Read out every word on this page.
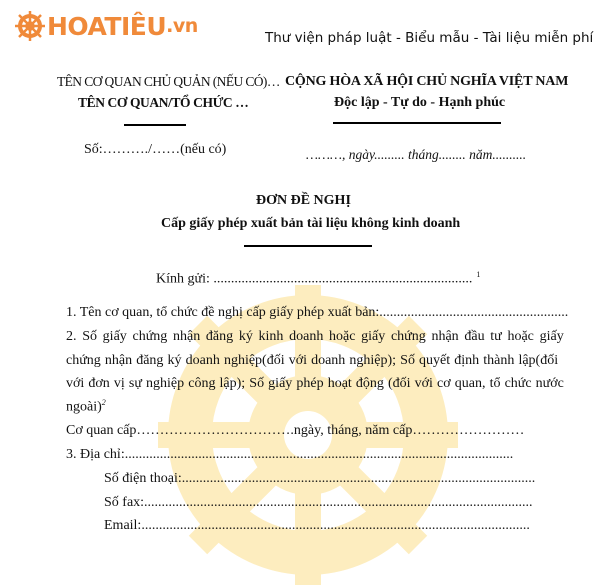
HOATIÊU .vn
Thư viện pháp luật - Biểu mẫu - Tài liệu miễn phí
TÊN CƠ QUAN CHỦ QUẢN (NẾU CÓ)…
TÊN CƠ QUAN/TỔ CHỨC …
Số:………./……(nếu có)
CỘNG HÒA XÃ HỘI CHỦ NGHĨA VIỆT NAM
Độc lập - Tự do - Hạnh phúc
………, ngày......... tháng........ năm..........
ĐƠN ĐỀ NGHỊ
Cấp giấy phép xuất bản tài liệu không kinh doanh
Kính gửi: .......................................................................... $^1$
1. Tên cơ quan, tổ chức đề nghị cấp giấy phép xuất bản:......................................................
2. Số giấy chứng nhận đăng ký kinh doanh hoặc giấy chứng nhận đầu tư hoặc giấy
chứng nhận đăng ký doanh nghiệp(đối với doanh nghiệp); Số quyết định thành lập(đối
với đơn vị sự nghiệp công lập); Số giấy phép hoạt động (đối với cơ quan, tổ chức nước
ngoài)$^2$
Cơ quan cấp…………………………….ngày, tháng, năm cấp……………………
3. Địa chỉ:...............................................................................................................
Số điện thoại:.....................................................................................................
Số fax:...............................................................................................................
Email:...............................................................................................................
